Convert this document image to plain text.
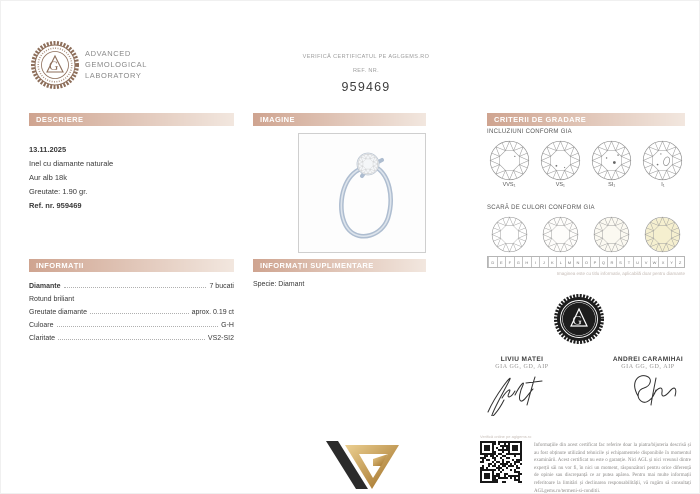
G
ADVANCED
GEMOLOGICAL
LABORATORY
VERIFICĂ CERTIFICATUL PE AGLGEMS.RO
REF. NR.
959469
DESCRIERE	IMAGINE	CRITERII DE GRADARE
INFORMAȚII	INFORMAȚII SUPLIMENTARE
13.11.2025
Inel cu diamante naturale
Aur alb 18k
Greutate: 1.90 gr.
Ref. nr. 959469
Diamante	7 bucati
Rotund briliant
Greutate diamante	aprox. 0.19 ct
Culoare	G-H
Claritate	VS2-SI2
Specie: Diamant
INCLUZIUNI CONFORM GIA
VVS₁	VS₁	SI₁	I₁
SCARĂ DE CULORI CONFORM GIA
D	E	F	G	H	I	J	K	L	M	N	O	P	Q	R	S	T	U	V	W	X	Y	Z
Imaginea este cu titlu informativ, aplicabilă doar pentru diamante
G
LIVIU MATEI
GIA GG, GD, AIP
ANDREI CARAMIHAI
GIA GG, GD, AIP
Verifică online pe aglgems.ro
Informațiile din acest certificat fac referire doar la piatra/bijuteria descrisă și au fost obținute utilizând tehnicile și echipamentele disponibile în momentul examinării. Acest certificat nu este o garanție. Nici AGL și nici vreunul dintre experții săi nu vor fi, în nici un moment, răspunzători pentru orice diferență de opinie sau discrepanță ce ar putea apărea. Pentru mai multe informații referitoare la limitări și declinarea responsabilității, vă rugăm să consultați AGLgems.ro/termeni-si-conditii.
